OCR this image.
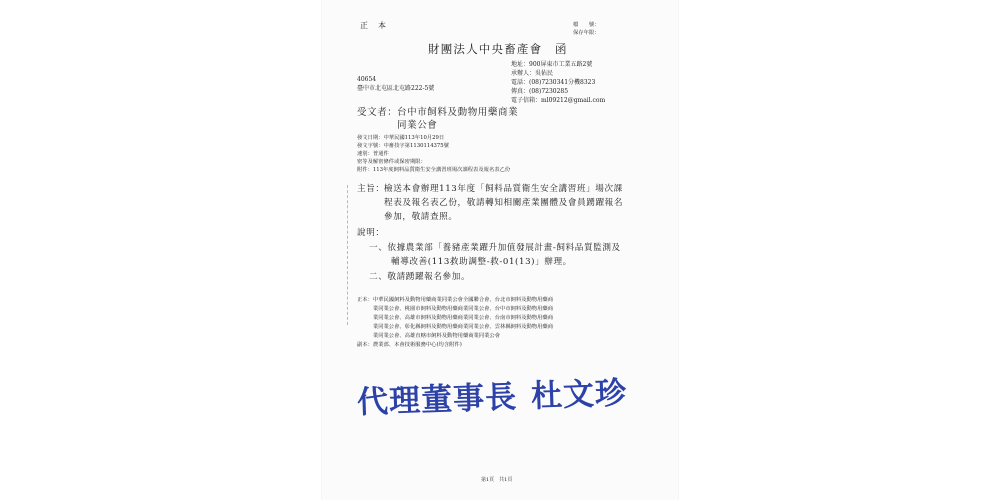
正　本	檔　　號：
保存年限：
財團法人中央畜產會　函
地址：900屏東市工業五路2號
承辦人：吳佑民
電話：(08)7230341分機8323
傳真：(08)7230285
電子信箱：ml09212@gmail.com
40654
臺中市北屯區北屯路222-5號
受文者： 台中市飼料及動物用藥商業
同業公會
發文日期：中華民國113年10月29日
發文字號：中畜技字第1130114375號
速別：普通件
密等及解密條件或保密期限：
附件：113年度飼料品質衛生安全講習班場次課程表及報名表乙份
主旨： 檢送本會辦理113年度「飼料品質衛生安全講習班」場次課
程表及報名表乙份，敬請轉知相關產業團體及會員踴躍報名
參加，敬請查照。
說明：
一、依據農業部「養豬產業躍升加值發展計畫-飼料品質監測及
輔導改善(113救助調整-救-01(13)」辦理。
二、敬請踴躍報名參加。
正本：中華民國飼料及動物用藥商業同業公會全國聯合會、台北市飼料及動物用藥商
　　　業同業公會、桃園市飼料及動物用藥商業同業公會、台中市飼料及動物用藥商
　　　業同業公會、高雄市飼料及動物用藥商業同業公會、台南市飼料及動物用藥商
　　　業同業公會、彰化縣飼料及動物用藥商業同業公會、雲林縣飼料及動物用藥商
　　　業同業公會、高雄直轄市飼料及動物用藥商業同業公會
副本：農業部、本會技術服務中心(均含附件)
代理董事長 杜文珍
第1頁　共1頁
